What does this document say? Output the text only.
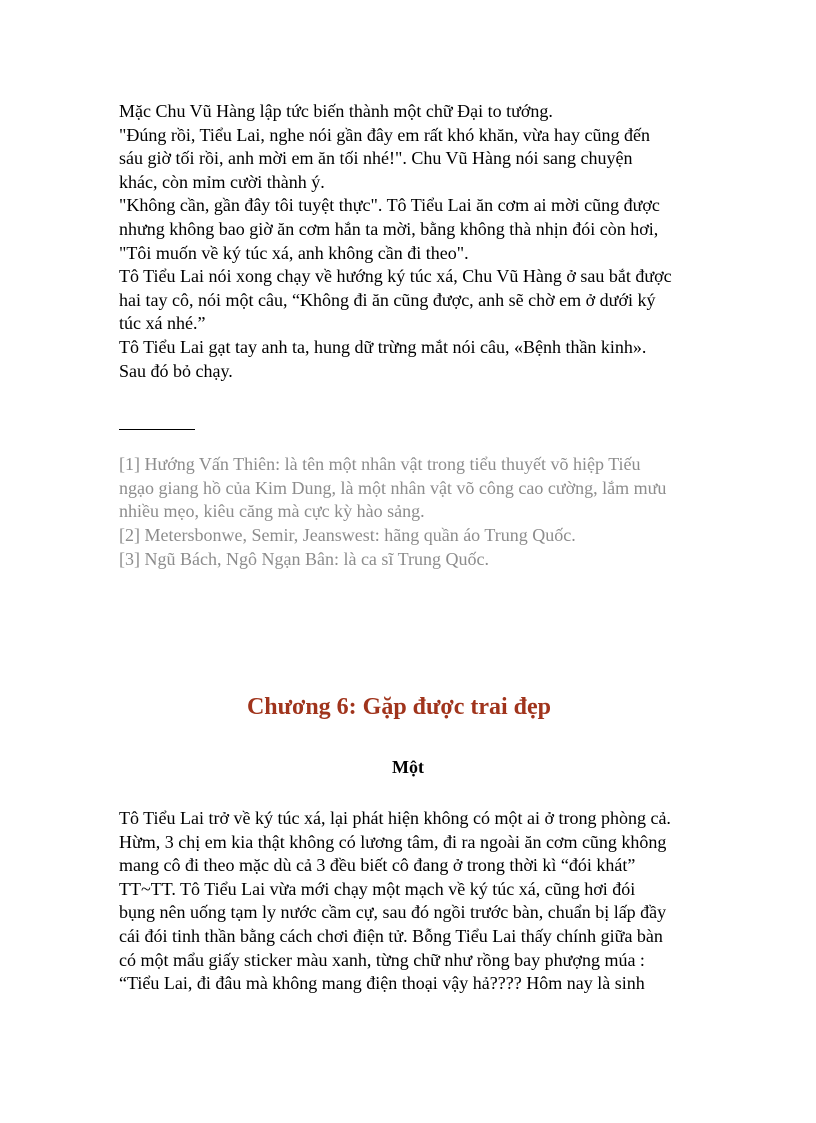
Mặc Chu Vũ Hàng lập tức biến thành một chữ Đại to tướng.
"Đúng rồi, Tiểu Lai, nghe nói gần đây em rất khó khăn, vừa hay cũng đến
sáu giờ tối rồi, anh mời em ăn tối nhé!". Chu Vũ Hàng nói sang chuyện
khác, còn mỉm cười thành ý.
"Không cần, gần đây tôi tuyệt thực". Tô Tiểu Lai ăn cơm ai mời cũng được
nhưng không bao giờ ăn cơm hắn ta mời, bằng không thà nhịn đói còn hơi,
"Tôi muốn về ký túc xá, anh không cần đi theo".
Tô Tiểu Lai nói xong chạy về hướng ký túc xá, Chu Vũ Hàng ở sau bắt được
hai tay cô, nói một câu, “Không đi ăn cũng được, anh sẽ chờ em ở dưới ký
túc xá nhé.”
Tô Tiểu Lai gạt tay anh ta, hung dữ trừng mắt nói câu, «Bệnh thần kinh».
Sau đó bỏ chạy.
[1] Hướng Vấn Thiên: là tên một nhân vật trong tiểu thuyết võ hiệp Tiếu
ngạo giang hồ của Kim Dung, là một nhân vật võ công cao cường, lắm mưu
nhiều mẹo, kiêu căng mà cực kỳ hào sảng.
[2] Metersbonwe, Semir, Jeanswest: hãng quần áo Trung Quốc.
[3] Ngũ Bách, Ngô Ngạn Bân: là ca sĩ Trung Quốc.
Chương 6: Gặp được trai đẹp
Một
Tô Tiểu Lai trở về ký túc xá, lại phát hiện không có một ai ở trong phòng cả.
Hừm, 3 chị em kia thật không có lương tâm, đi ra ngoài ăn cơm cũng không
mang cô đi theo mặc dù cả 3 đều biết cô đang ở trong thời kì “đói khát”
TT~TT. Tô Tiểu Lai vừa mới chạy một mạch về ký túc xá, cũng hơi đói
bụng nên uống tạm ly nước cầm cự, sau đó ngồi trước bàn, chuẩn bị lấp đầy
cái đói tinh thần bằng cách chơi điện tử. Bỗng Tiểu Lai thấy chính giữa bàn
có một mẩu giấy sticker màu xanh, từng chữ như rồng bay phượng múa :
“Tiểu Lai, đi đâu mà không mang điện thoại vậy hả???? Hôm nay là sinh
